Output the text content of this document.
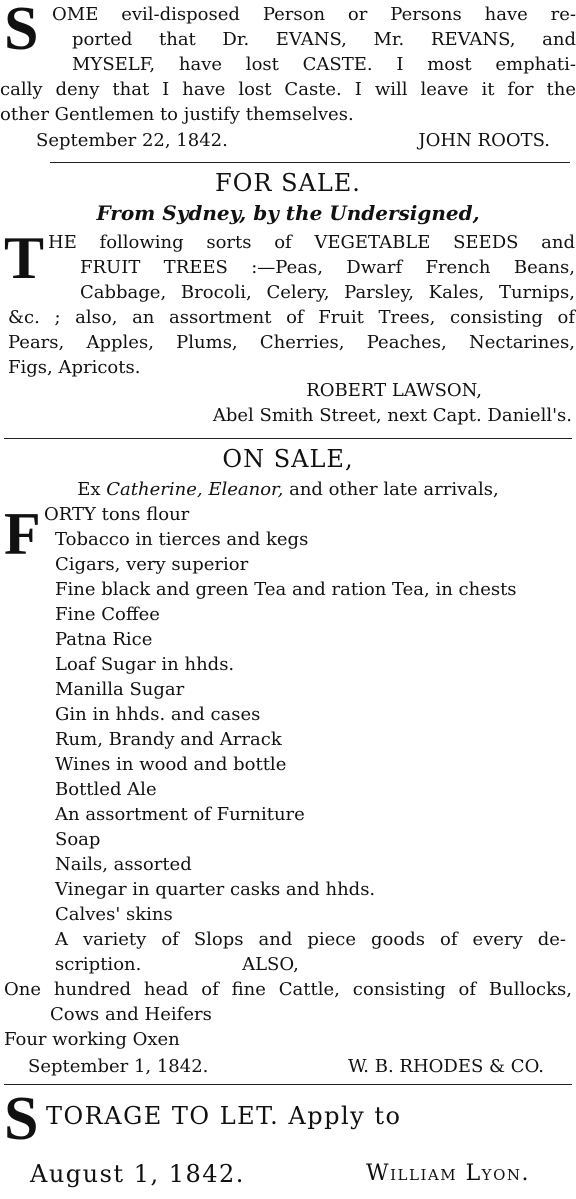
S OME evil-disposed Person or Persons have re-
ported that Dr. EVANS, Mr. REVANS, and
MYSELF, have lost CASTE. I most emphati-
cally deny that I have lost Caste. I will leave it for the
other Gentlemen to justify themselves.
September 22, 1842.	JOHN ROOTS.
FOR SALE.
From Sydney, by the Undersigned,
T HE following sorts of VEGETABLE SEEDS and
FRUIT TREES :—Peas, Dwarf French Beans,
Cabbage, Brocoli, Celery, Parsley, Kales, Turnips,
&c. ; also, an assortment of Fruit Trees, consisting of
Pears, Apples, Plums, Cherries, Peaches, Nectarines,
Figs, Apricots.
ROBERT LAWSON,
Abel Smith Street, next Capt. Daniell's.
ON SALE,
Ex Catherine, Eleanor, and other late arrivals,
F ORTY tons flour
Tobacco in tierces and kegs
Cigars, very superior
Fine black and green Tea and ration Tea, in chests
Fine Coffee
Patna Rice
Loaf Sugar in hhds.
Manilla Sugar
Gin in hhds. and cases
Rum, Brandy and Arrack
Wines in wood and bottle
Bottled Ale
An assortment of Furniture
Soap
Nails, assorted
Vinegar in quarter casks and hhds.
Calves' skins
A variety of Slops and piece goods of every de-
scription.	ALSO,
One hundred head of fine Cattle, consisting of Bullocks,
Cows and Heifers
Four working Oxen
September 1, 1842.	W. B. RHODES & CO.
S TORAGE TO LET. Apply to
August 1, 1842.	William Lyon.
